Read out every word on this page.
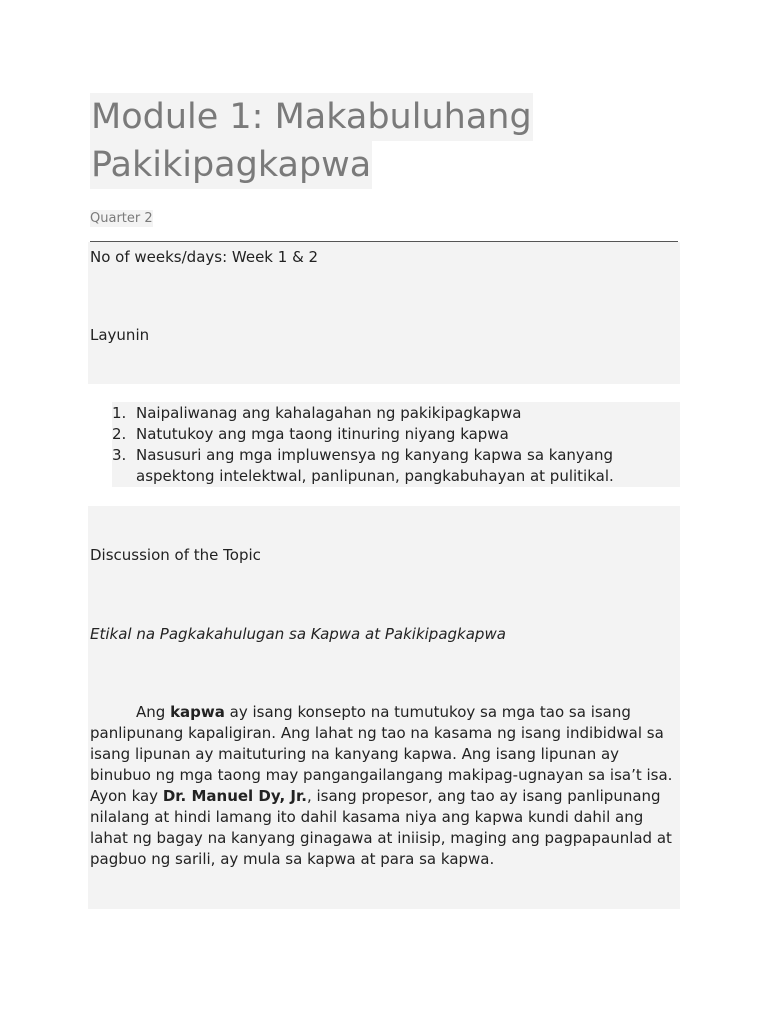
Module 1: Makabuluhang
Pakikipagkapwa
Quarter 2
No of weeks/days: Week 1 & 2
Layunin
1. Naipaliwanag ang kahalagahan ng pakikipagkapwa
2. Natutukoy ang mga taong itinuring niyang kapwa
3. Nasusuri ang mga impluwensya ng kanyang kapwa sa kanyang aspektong intelektwal, panlipunan, pangkabuhayan at pulitikal.
Discussion of the Topic
Etikal na Pagkakahulugan sa Kapwa at Pakikipagkapwa

Ang kapwa ay isang konsepto na tumutukoy sa mga tao sa isang panlipunang kapaligiran. Ang lahat ng tao na kasama ng isang indibidwal sa isang lipunan ay maituturing na kanyang kapwa. Ang isang lipunan ay binubuo ng mga taong may pangangailangang makipag-ugnayan sa isa’t isa. Ayon kay Dr. Manuel Dy, Jr., isang propesor, ang tao ay isang panlipunang nilalang at hindi lamang ito dahil kasama niya ang kapwa kundi dahil ang lahat ng bagay na kanyang ginagawa at iniisip, maging ang pagpapaunlad at pagbuo ng sarili, ay mula sa kapwa at para sa kapwa.
